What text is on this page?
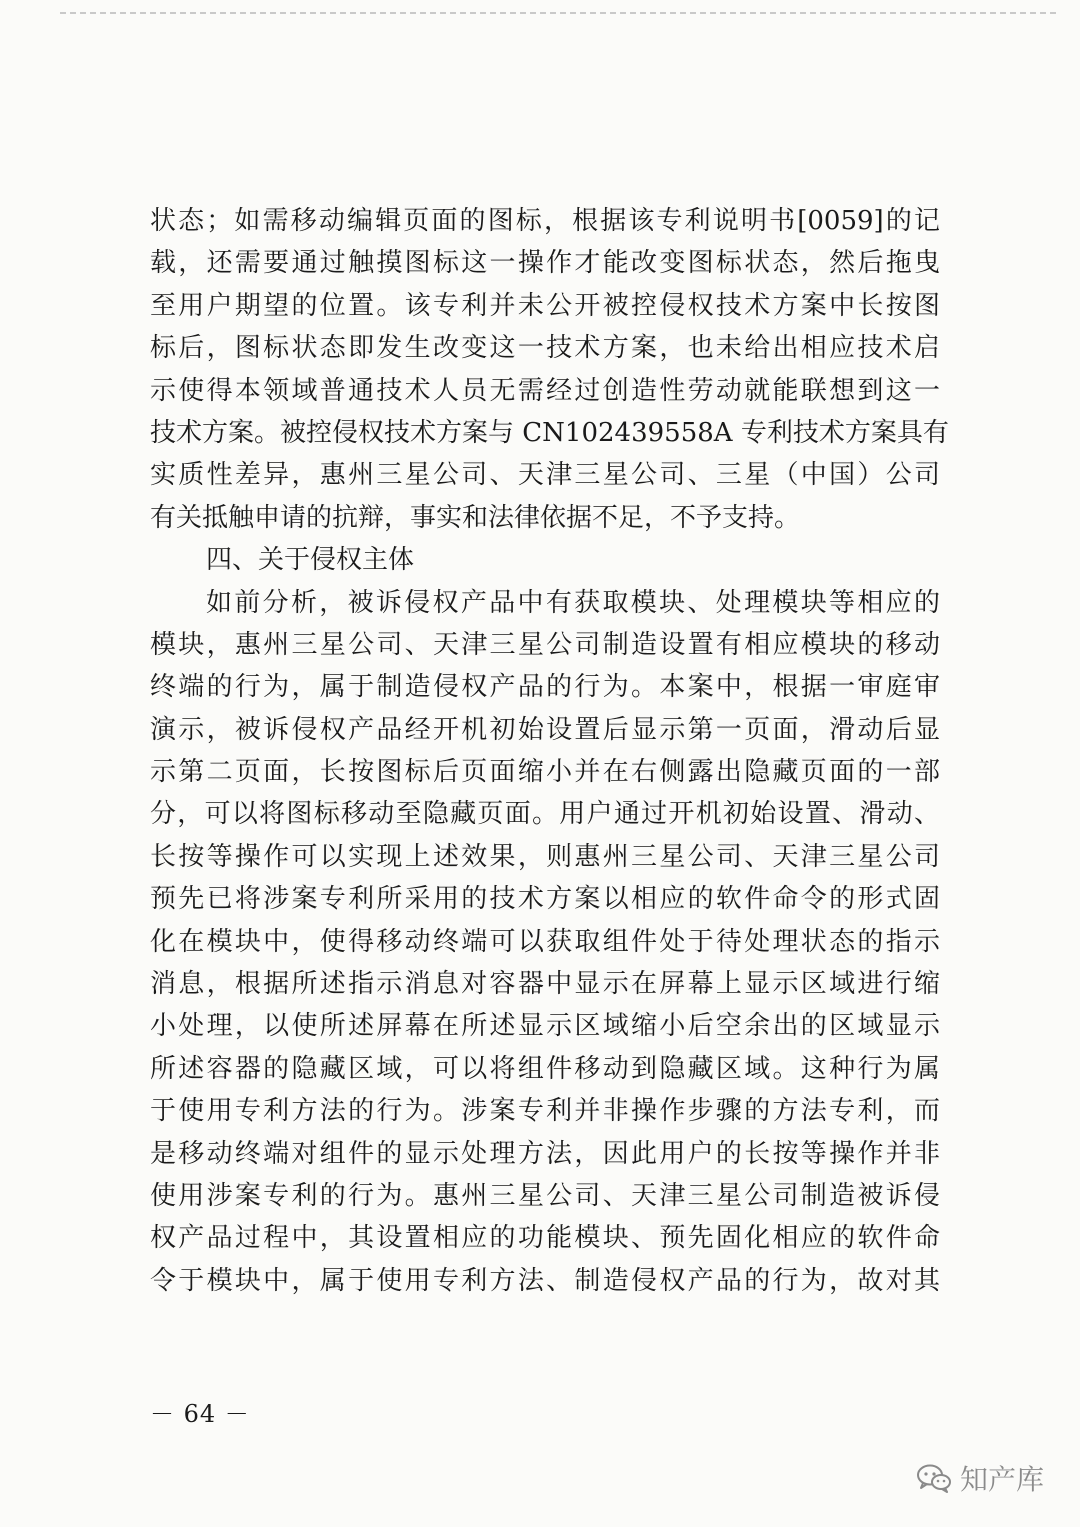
状态；如需移动编辑页面的图标，根据该专利说明书[0059]的记
载，还需要通过触摸图标这一操作才能改变图标状态，然后拖曳
至用户期望的位置。该专利并未公开被控侵权技术方案中长按图
标后，图标状态即发生改变这一技术方案，也未给出相应技术启
示使得本领域普通技术人员无需经过创造性劳动就能联想到这一
技术方案。被控侵权技术方案与 CN102439558A 专利技术方案具有
实质性差异，惠州三星公司、天津三星公司、三星（中国）公司
有关抵触申请的抗辩，事实和法律依据不足，不予支持。
四、关于侵权主体
如前分析，被诉侵权产品中有获取模块、处理模块等相应的
模块，惠州三星公司、天津三星公司制造设置有相应模块的移动
终端的行为，属于制造侵权产品的行为。本案中，根据一审庭审
演示，被诉侵权产品经开机初始设置后显示第一页面，滑动后显
示第二页面，长按图标后页面缩小并在右侧露出隐藏页面的一部
分，可以将图标移动至隐藏页面。用户通过开机初始设置、滑动、
长按等操作可以实现上述效果，则惠州三星公司、天津三星公司
预先已将涉案专利所采用的技术方案以相应的软件命令的形式固
化在模块中，使得移动终端可以获取组件处于待处理状态的指示
消息，根据所述指示消息对容器中显示在屏幕上显示区域进行缩
小处理，以使所述屏幕在所述显示区域缩小后空余出的区域显示
所述容器的隐藏区域，可以将组件移动到隐藏区域。这种行为属
于使用专利方法的行为。涉案专利并非操作步骤的方法专利，而
是移动终端对组件的显示处理方法，因此用户的长按等操作并非
使用涉案专利的行为。惠州三星公司、天津三星公司制造被诉侵
权产品过程中，其设置相应的功能模块、预先固化相应的软件命
令于模块中，属于使用专利方法、制造侵权产品的行为，故对其
－ 64 －
知产库
